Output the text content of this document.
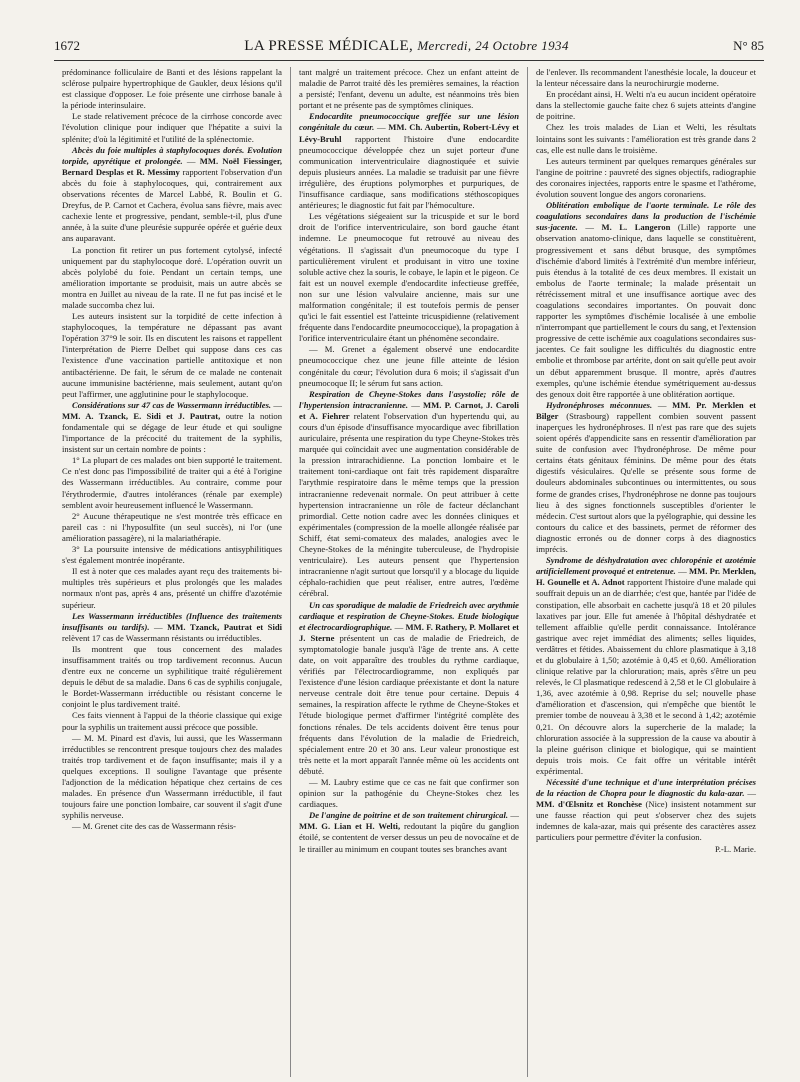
1672	LA PRESSE MÉDICALE, Mercredi, 24 Octobre 1934	N° 85

prédominance folliculaire de Banti et des lésions rappelant la sclérose pulpaire hypertrophique de Gaukler, deux lésions qu'il est classique d'opposer. Le foie présente une cirrhose banale à la période interinsulaire.

Le stade relativement précoce de la cirrhose concorde avec l'évolution clinique pour indiquer que l'hépatite a suivi la splénite; d'où la légitimité et l'utilité de la splénectomie.

Abcès du foie multiples à staphylocoques dorés. Evolution torpide, apyrétique et prolongée. — MM. Noël Fiessinger, Bernard Desplas et R. Messimy rapportent l'observation d'un abcès du foie à staphylocoques, qui, contrairement aux observations récentes de Marcel Labbé, R. Boulin et G. Dreyfus, de P. Carnot et Cachera, évolua sans fièvre, mais avec cachexie lente et progressive, pendant, semble-t-il, plus d'une année, à la suite d'une pleurésie suppurée opérée et guérie deux ans auparavant.

La ponction fit retirer un pus fortement cytolysé, infecté uniquement par du staphylocoque doré. L'opération ouvrit un abcès polylobé du foie. Pendant un certain temps, une amélioration importante se produisit, mais un autre abcès se montra en Juillet au niveau de la rate. Il ne fut pas incisé et le malade succomba chez lui.

Les auteurs insistent sur la torpidité de cette infection à staphylocoques, la température ne dépassant pas avant l'opération 37°9 le soir. Ils en discutent les raisons et rappellent l'interprétation de Pierre Delbet qui suppose dans ces cas l'existence d'une vaccination partielle antitoxique et non antibactérienne. De fait, le sérum de ce malade ne contenait aucune immunisine bactérienne, mais seulement, autant qu'on peut l'affirmer, une agglutinine pour le staphylocoque.

Considérations sur 47 cas de Wassermann irréductibles. — MM. A. Tzanck, E. Sidi et J. Pautrat, outre la notion fondamentale qui se dégage de leur étude et qui souligne l'importance de la précocité du traitement de la syphilis, insistent sur un certain nombre de points :

1° La plupart de ces malades ont bien supporté le traitement. Ce n'est donc pas l'impossibilité de traiter qui a été à l'origine des Wassermann irréductibles. Au contraire, comme pour l'érythrodermie, d'autres intolérances (rénale par exemple) semblent avoir heureusement influencé le Wassermann.

2° Aucune thérapeutique ne s'est montrée très efficace en pareil cas : ni l'hyposulfite (un seul succès), ni l'or (une amélioration passagère), ni la malariathérapie.

3° La poursuite intensive de médications antisyphilitiques s'est également montrée inopérante.

Il est à noter que ces malades ayant reçu des traitements bi-multiples très supérieurs et plus prolongés que les malades normaux n'ont pas, après 4 ans, présenté un chiffre d'azotémie supérieur.

Les Wassermann irréductibles (Influence des traitements insuffisants ou tardifs). — MM. Tzanck, Pautrat et Sidi relèvent 17 cas de Wassermann résistants ou irréductibles.

Ils montrent que tous concernent des malades insuffisamment traités ou trop tardivement reconnus. Aucun d'entre eux ne concerne un syphilitique traité régulièrement depuis le début de sa maladie. Dans 6 cas de syphilis conjugale, le Bordet-Wassermann irréductible ou résistant concerne le conjoint le plus tardivement traité.

Ces faits viennent à l'appui de la théorie classique qui exige pour la syphilis un traitement aussi précoce que possible.

— M. M. Pinard est d'avis, lui aussi, que les Wassermann irréductibles se rencontrent presque toujours chez des malades traités trop tardivement et de façon insuffisante; mais il y a quelques exceptions. Il souligne l'avantage que présente l'adjonction de la médication hépatique chez certains de ces malades. En présence d'un Wassermann irréductible, il faut toujours faire une ponction lombaire, car souvent il s'agit d'une syphilis nerveuse.

— M. Grenet cite des cas de Wassermann résis-

tant malgré un traitement précoce. Chez un enfant atteint de maladie de Parrot traité dès les premières semaines, la réaction a persisté; l'enfant, devenu un adulte, est néanmoins très bien portant et ne présente pas de symptômes cliniques.

Endocardite pneumococcique greffée sur une lésion congénitale du cœur. — MM. Ch. Aubertin, Robert-Lévy et Lévy-Bruhl rapportent l'histoire d'une endocardite pneumococcique développée chez un sujet porteur d'une communication interventriculaire diagnostiquée et suivie depuis plusieurs années. La maladie se traduisit par une fièvre irrégulière, des éruptions polymorphes et purpuriques, de l'insuffisance cardiaque, sans modifications stéthoscopiques antérieures; le diagnostic fut fait par l'hémoculture.

Les végétations siégeaient sur la tricuspide et sur le bord droit de l'orifice interventriculaire, son bord gauche étant indemne. Le pneumocoque fut retrouvé au niveau des végétations. Il s'agissait d'un pneumocoque du type I particulièrement virulent et produisant in vitro une toxine soluble active chez la souris, le cobaye, le lapin et le pigeon. Ce fait est un nouvel exemple d'endocardite infectieuse greffée, non sur une lésion valvulaire ancienne, mais sur une malformation congénitale; il est toutefois permis de penser qu'ici le fait essentiel est l'atteinte tricuspidienne (relativement fréquente dans l'endocardite pneumococcique), la propagation à l'orifice interventriculaire étant un phénomène secondaire.

— M. Grenet a également observé une endocardite pneumococcique chez une jeune fille atteinte de lésion congénitale du cœur; l'évolution dura 6 mois; il s'agissait d'un pneumocoque II; le sérum fut sans action.

Respiration de Cheyne-Stokes dans l'asystolie; rôle de l'hypertension intracranienne. — MM. P. Carnot, J. Caroli et A. Fiehrer relatent l'observation d'un hypertendu qui, au cours d'un épisode d'insuffisance myocardique avec fibrillation auriculaire, présenta une respiration du type Cheyne-Stokes très marquée qui coïncidait avec une augmentation considérable de la pression intrarachidienne. La ponction lombaire et le traitement toni-cardiaque ont fait très rapidement disparaître l'arythmie respiratoire dans le même temps que la pression intracranienne redevenait normale. On peut attribuer à cette hypertension intracranienne un rôle de facteur déclanchant primordial. Cette notion cadre avec les données cliniques et expérimentales (compression de la moelle allongée réalisée par Schiff, état semi-comateux des malades, analogies avec le Cheyne-Stokes de la méningite tuberculeuse, de l'hydropisie ventriculaire). Les auteurs pensent que l'hypertension intracranienne n'agit surtout que lorsqu'il y a blocage du liquide céphalo-rachidien que peut réaliser, entre autres, l'œdème cérébral.

Un cas sporadique de maladie de Friedreich avec arythmie cardiaque et respiration de Cheyne-Stokes. Etude biologique et électrocardiographique. — MM. F. Rathery, P. Mollaret et J. Sterne présentent un cas de maladie de Friedreich, de symptomatologie banale jusqu'à l'âge de trente ans. A cette date, on voit apparaître des troubles du rythme cardiaque, vérifiés par l'électrocardiogramme, non expliqués par l'existence d'une lésion cardiaque préexistante et dont la nature nerveuse centrale doit être tenue pour certaine. Depuis 4 semaines, la respiration affecte le rythme de Cheyne-Stokes et l'étude biologique permet d'affirmer l'intégrité complète des fonctions rénales. De tels accidents doivent être tenus pour fréquents dans l'évolution de la maladie de Friedreich, spécialement entre 20 et 30 ans. Leur valeur pronostique est très nette et la mort apparaît l'année même où les accidents ont débuté.

— M. Laubry estime que ce cas ne fait que confirmer son opinion sur la pathogénie du Cheyne-Stokes chez les cardiaques.

De l'angine de poitrine et de son traitement chirurgical. — MM. G. Lian et H. Welti, redoutant la piqûre du ganglion étoilé, se contentent de verser dessus un peu de novocaïne et de le tirailler au minimum en coupant toutes ses branches avant

de l'enlever. Ils recommandent l'anesthésie locale, la douceur et la lenteur nécessaire dans la neurochirurgie moderne.

En procédant ainsi, H. Welti n'a eu aucun incident opératoire dans la stellectomie gauche faite chez 6 sujets atteints d'angine de poitrine.

Chez les trois malades de Lian et Welti, les résultats lointains sont les suivants : l'amélioration est très grande dans 2 cas, elle est nulle dans le troisième.

Les auteurs terminent par quelques remarques générales sur l'angine de poitrine : pauvreté des signes objectifs, radiographie des coronaires injectées, rapports entre le spasme et l'athérome, évolution souvent longue des angors coronariens.

Oblitération embolique de l'aorte terminale. Le rôle des coagulations secondaires dans la production de l'ischémie sus-jacente. — M. L. Langeron (Lille) rapporte une observation anatomo-clinique, dans laquelle se constituèrent, progressivement et sans début brusque, des symptômes d'ischémie d'abord limités à l'extrémité d'un membre inférieur, puis étendus à la totalité de ces deux membres. Il existait un embolus de l'aorte terminale; la malade présentait un rétrécissement mitral et une insuffisance aortique avec des coagulations secondaires importantes. On pouvait donc rapporter les symptômes d'ischémie localisée à une embolie n'interrompant que partiellement le cours du sang, et l'extension progressive de cette ischémie aux coagulations secondaires sus-jacentes. Ce fait souligne les difficultés du diagnostic entre embolie et thrombose par artérite, dont on sait qu'elle peut avoir un début apparemment brusque. Il montre, après d'autres exemples, qu'une ischémie étendue symétriquement au-dessus des genoux doit être rapportée à une oblitération aortique.

Hydronéphroses méconnues. — MM. Pr. Merklen et Bilger (Strasbourg) rappellent combien souvent passent inaperçues les hydronéphroses. Il n'est pas rare que des sujets soient opérés d'appendicite sans en ressentir d'amélioration par suite de confusion avec l'hydronéphrose. De même pour certains états génitaux féminins. De même pour des états digestifs vésiculaires. Qu'elle se présente sous forme de douleurs abdominales subcontinues ou intermittentes, ou sous forme de grandes crises, l'hydronéphrose ne donne pas toujours lieu à des signes fonctionnels susceptibles d'orienter le médecin. C'est surtout alors que la pyélographie, qui dessine les contours du calice et des bassinets, permet de réformer des diagnostic erronés ou de donner corps à des diagnostics imprécis.

Syndrome de déshydratation avec chloropénie et azotémie artificiellement provoqué et entretenue. — MM. Pr. Merklen, H. Gounelle et A. Adnot rapportent l'histoire d'une malade qui souffrait depuis un an de diarrhée; c'est que, hantée par l'idée de constipation, elle absorbait en cachette jusqu'à 18 et 20 pilules laxatives par jour. Elle fut amenée à l'hôpital déshydratée et tellement affaiblie qu'elle perdit connaissance. Intolérance gastrique avec rejet immédiat des aliments; selles liquides, verdâtres et fétides. Abaissement du chlore plasmatique à 3,18 et du globulaire à 1,50; azotémie à 0,45 et 0,60. Amélioration clinique relative par la chloruration; mais, après s'être un peu relevés, le Cl plasmatique redescend à 2,58 et le Cl globulaire à 1,36, avec azotémie à 0,98. Reprise du sel; nouvelle phase d'amélioration et d'ascension, qui n'empêche que bientôt le premier tombe de nouveau à 3,38 et le second à 1,42; azotémie 0,21. On découvre alors la supercherie de la malade; la chloruration associée à la suppression de la cause va aboutir à la pleine guérison clinique et biologique, qui se maintient depuis trois mois. Ce fait offre un véritable intérêt expérimental.

Nécessité d'une technique et d'une interprétation précises de la réaction de Chopra pour le diagnostic du kala-azar. — MM. d'Œlsnitz et Ronchèse (Nice) insistent notamment sur une fausse réaction qui peut s'observer chez des sujets indemnes de kala-azar, mais qui présente des caractères assez particuliers pour permettre d'éviter la confusion.

P.-L. Marie.
